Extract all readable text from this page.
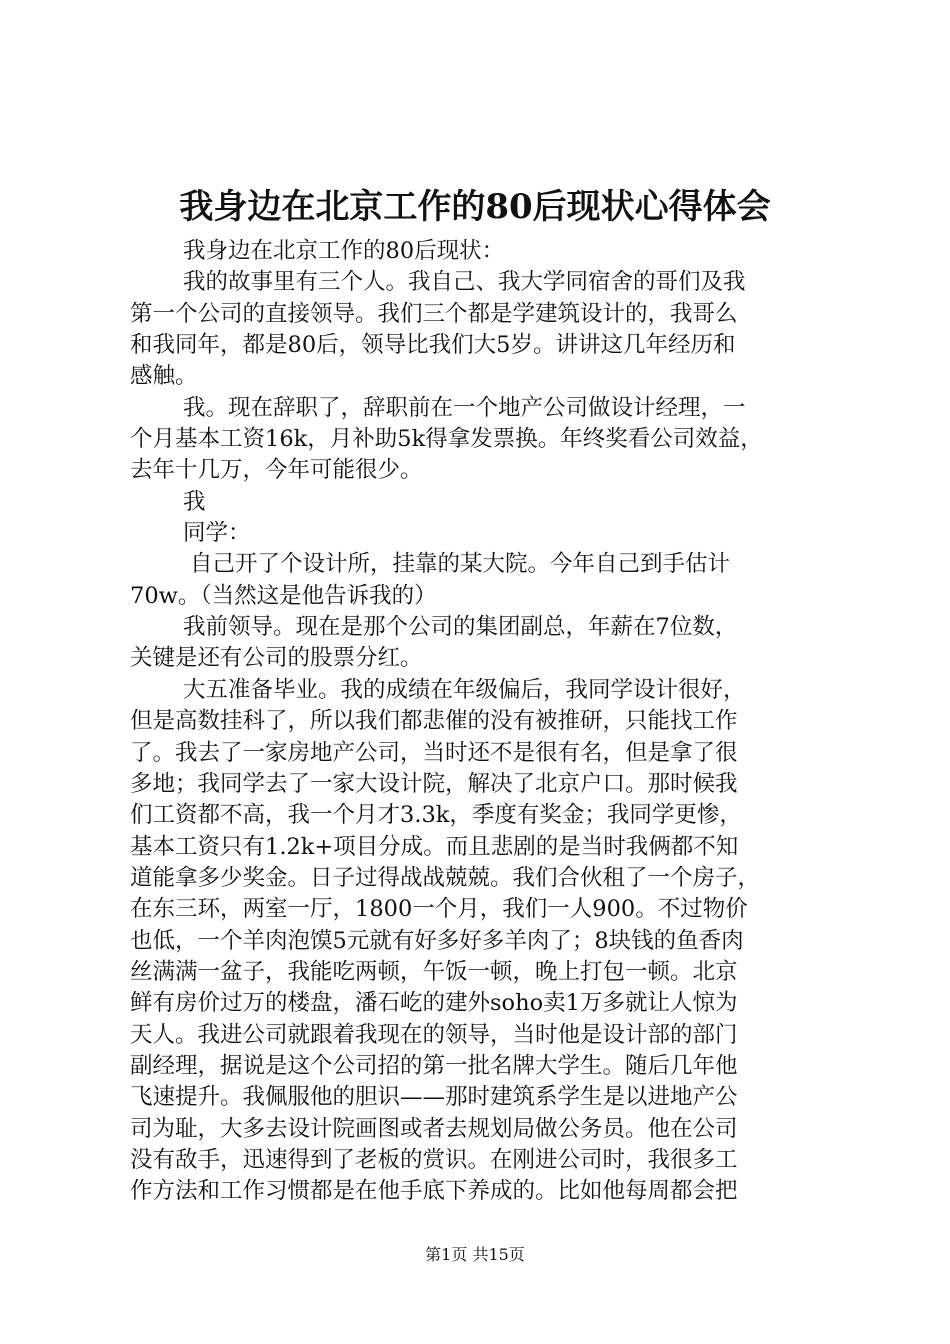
我身边在北京工作的80后现状心得体会
我身边在北京工作的80后现状：
我的故事里有三个人。我自己、我大学同宿舍的哥们及我
第一个公司的直接领导。我们三个都是学建筑设计的，我哥么
和我同年，都是80后，领导比我们大5岁。讲讲这几年经历和
感触。
我。现在辞职了，辞职前在一个地产公司做设计经理，一
个月基本工资16k，月补助5k得拿发票换。年终奖看公司效益，
去年十几万，今年可能很少。
我
同学：
自己开了个设计所，挂靠的某大院。今年自己到手估计
70w。（当然这是他告诉我的）
我前领导。现在是那个公司的集团副总，年薪在7位数，
关键是还有公司的股票分红。
大五准备毕业。我的成绩在年级偏后，我同学设计很好，
但是高数挂科了，所以我们都悲催的没有被推研，只能找工作
了。我去了一家房地产公司，当时还不是很有名，但是拿了很
多地；我同学去了一家大设计院，解决了北京户口。那时候我
们工资都不高，我一个月才3.3k，季度有奖金；我同学更惨，
基本工资只有1.2k+项目分成。而且悲剧的是当时我俩都不知
道能拿多少奖金。日子过得战战兢兢。我们合伙租了一个房子，
在东三环，两室一厅，1800一个月，我们一人900。不过物价
也低，一个羊肉泡馍5元就有好多好多羊肉了；8块钱的鱼香肉
丝满满一盆子，我能吃两顿，午饭一顿，晚上打包一顿。北京
鲜有房价过万的楼盘，潘石屹的建外soho卖1万多就让人惊为
天人。我进公司就跟着我现在的领导，当时他是设计部的部门
副经理，据说是这个公司招的第一批名牌大学生。随后几年他
飞速提升。我佩服他的胆识——那时建筑系学生是以进地产公
司为耻，大多去设计院画图或者去规划局做公务员。他在公司
没有敌手，迅速得到了老板的赏识。在刚进公司时，我很多工
作方法和工作习惯都是在他手底下养成的。比如他每周都会把
第1页 共15页
